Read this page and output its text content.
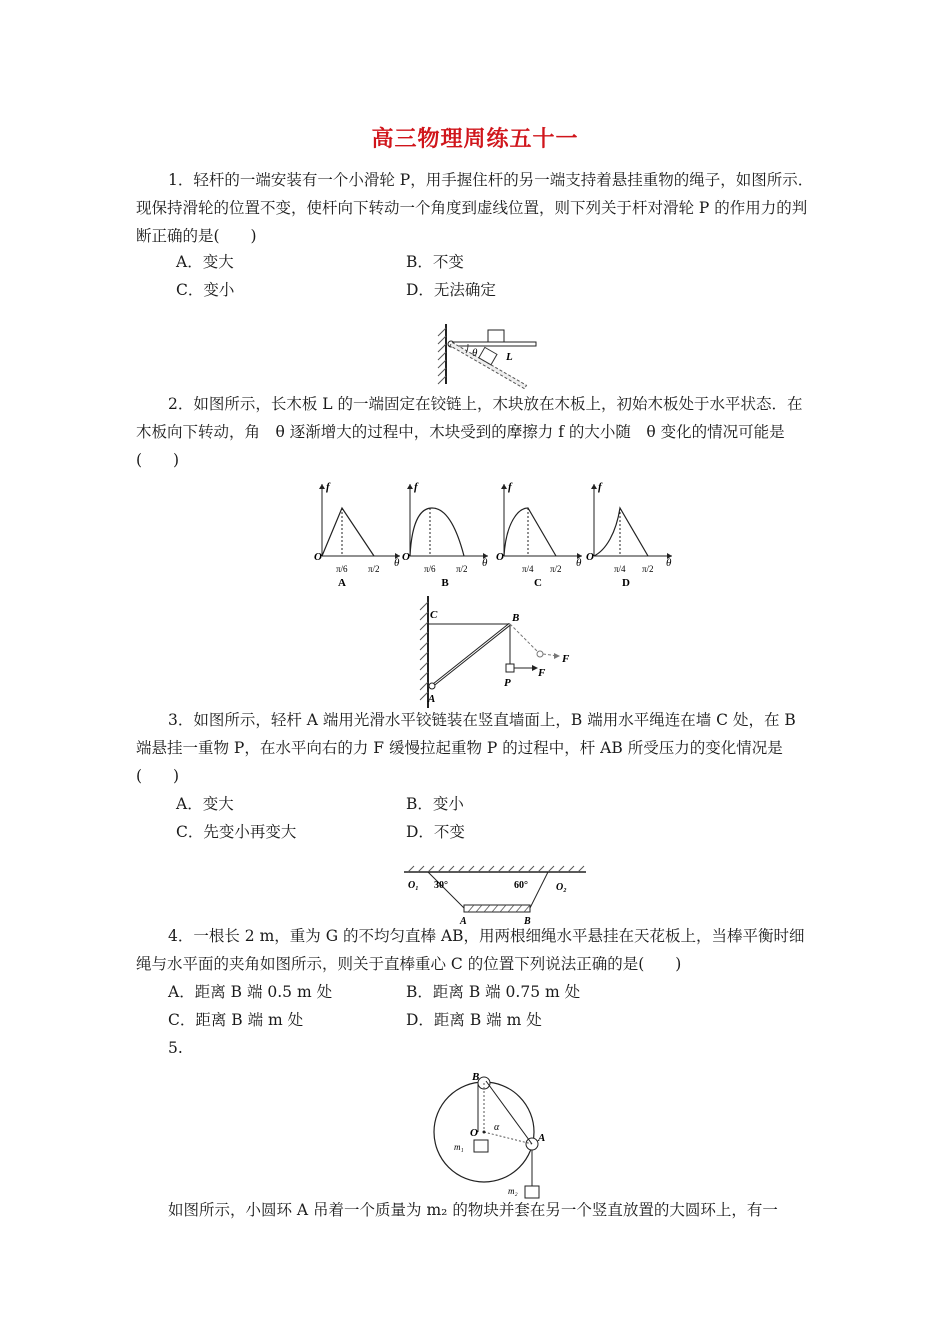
高三物理周练五十一
1．轻杆的一端安装有一个小滑轮 P，用手握住杆的另一端支持着悬挂重物的绳子，如图所示．现保持滑轮的位置不变，使杆向下转动一个角度到虚线位置，则下列关于杆对滑轮 P 的作用力的判断正确的是(　　)
A．变大	B．不变
C．变小	D．无法确定
θ	L
2．如图所示，长木板 L 的一端固定在铰链上，木块放在木板上，初始木板处于水平状态．在木板向下转动，角　θ 逐渐增大的过程中，木块受到的摩擦力 f 的大小随　θ 变化的情况可能是(　　)
f
O	θ
π/6 π/2
A
f
O	θ
π/6 π/2
B
f
O	θ
π/4 π/2
C
f
O	θ
π/4 π/2
D
C	B
A
P
F
F
3．如图所示，轻杆 A 端用光滑水平铰链装在竖直墙面上，B 端用水平绳连在墙 C 处，在 B 端悬挂一重物 P，在水平向右的力 F 缓慢拉起重物 P 的过程中，杆 AB 所受压力的变化情况是(　　)
A．变大	B．变小
C．先变小再变大	D．不变
O₁ 30°	60°	O₂
A	B
4．一根长 2 m，重为 G 的不均匀直棒 AB，用两根细绳水平悬挂在天花板上，当棒平衡时细绳与水平面的夹角如图所示，则关于直棒重心 C 的位置下列说法正确的是(　　)
A．距离 B 端 0.5 m 处	B．距离 B 端 0.75 m 处
C．距离 B 端 m 处	D．距离 B 端 m 处
5.
B
O α
A
m₁
m₂
如图所示，小圆环 A 吊着一个质量为 m₂ 的物块并套在另一个竖直放置的大圆环上，有一
